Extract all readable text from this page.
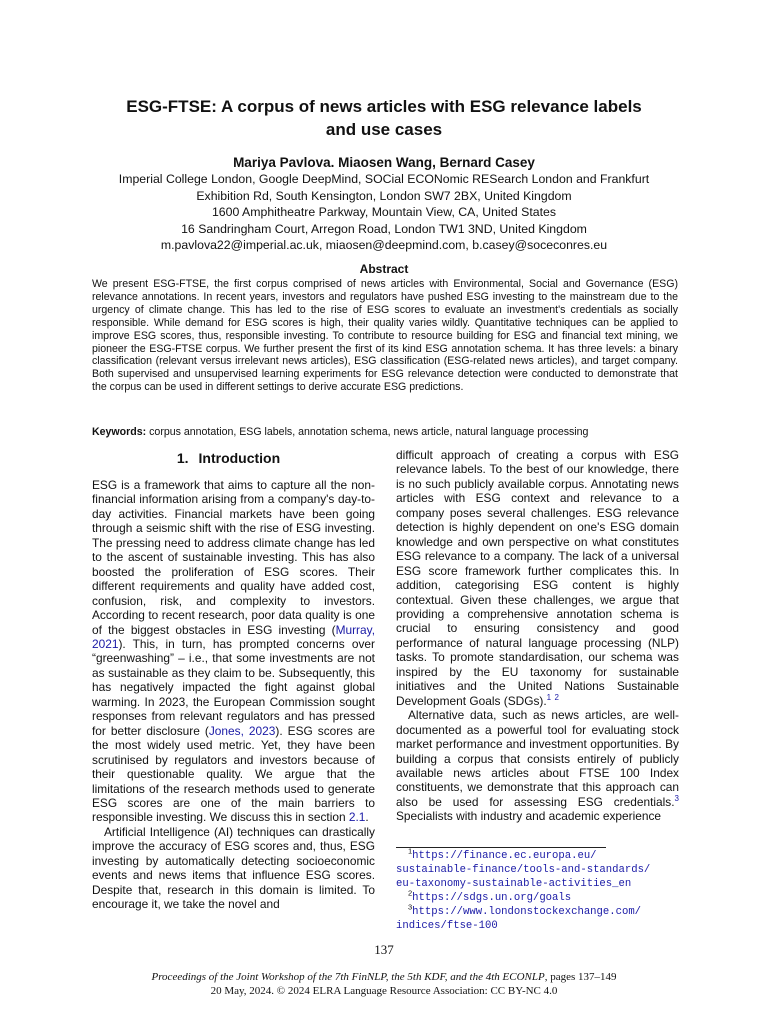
ESG-FTSE: A corpus of news articles with ESG relevance labels
and use cases
Mariya Pavlova. Miaosen Wang, Bernard Casey
Imperial College London, Google DeepMind, SOCial ECONomic RESearch London and Frankfurt
Exhibition Rd, South Kensington, London SW7 2BX, United Kingdom
1600 Amphitheatre Parkway, Mountain View, CA, United States
16 Sandringham Court, Arregon Road, London TW1 3ND, United Kingdom
m.pavlova22@imperial.ac.uk, miaosen@deepmind.com, b.casey@soceconres.eu
Abstract
We present ESG-FTSE, the first corpus comprised of news articles with Environmental, Social and Governance (ESG) relevance annotations. In recent years, investors and regulators have pushed ESG investing to the mainstream due to the urgency of climate change. This has led to the rise of ESG scores to evaluate an investment's credentials as socially responsible. While demand for ESG scores is high, their quality varies wildly. Quantitative techniques can be applied to improve ESG scores, thus, responsible investing. To contribute to resource building for ESG and financial text mining, we pioneer the ESG-FTSE corpus. We further present the first of its kind ESG annotation schema. It has three levels: a binary classification (relevant versus irrelevant news articles), ESG classification (ESG-related news articles), and target company. Both supervised and unsupervised learning experiments for ESG relevance detection were conducted to demonstrate that the corpus can be used in different settings to derive accurate ESG predictions.
Keywords: corpus annotation, ESG labels, annotation schema, news article, natural language processing
1. Introduction

ESG is a framework that aims to capture all the non-financial information arising from a company's day-to-day activities. Financial markets have been going through a seismic shift with the rise of ESG investing. The pressing need to address climate change has led to the ascent of sustainable investing. This has also boosted the proliferation of ESG scores. Their different requirements and quality have added cost, confusion, risk, and complexity to investors. According to recent research, poor data quality is one of the biggest obstacles in ESG investing (Murray, 2021). This, in turn, has prompted concerns over “greenwashing” – i.e., that some investments are not as sustainable as they claim to be. Subsequently, this has negatively impacted the fight against global warming. In 2023, the European Commission sought responses from relevant regulators and has pressed for better disclosure (Jones, 2023). ESG scores are the most widely used metric. Yet, they have been scrutinised by regulators and investors because of their questionable quality. We argue that the limitations of the research methods used to generate ESG scores are one of the main barriers to responsible investing. We discuss this in section 2.1.

Artificial Intelligence (AI) techniques can drastically improve the accuracy of ESG scores and, thus, ESG investing by automatically detecting socioeconomic events and news items that influence ESG scores. Despite that, research in this domain is limited. To encourage it, we take the novel and

difficult approach of creating a corpus with ESG relevance labels. To the best of our knowledge, there is no such publicly available corpus. Annotating news articles with ESG context and relevance to a company poses several challenges. ESG relevance detection is highly dependent on one's ESG domain knowledge and own perspective on what constitutes ESG relevance to a company. The lack of a universal ESG score framework further complicates this. In addition, categorising ESG content is highly contextual. Given these challenges, we argue that providing a comprehensive annotation schema is crucial to ensuring consistency and good performance of natural language processing (NLP) tasks. To promote standardisation, our schema was inspired by the EU taxonomy for sustainable initiatives and the United Nations Sustainable Development Goals (SDGs).$^1$ $^2$

Alternative data, such as news articles, are well-documented as a powerful tool for evaluating stock market performance and investment opportunities. By building a corpus that consists entirely of publicly available news articles about FTSE 100 Index constituents, we demonstrate that this approach can also be used for assessing ESG credentials.$^3$ Specialists with industry and academic experience

$^1$https://finance.ec.europa.eu/
sustainable-finance/tools-and-standards/
eu-taxonomy-sustainable-activities_en
$^2$https://sdgs.un.org/goals
$^3$https://www.londonstockexchange.com/
indices/ftse-100
137
Proceedings of the Joint Workshop of the 7th FinNLP, the 5th KDF, and the 4th ECONLP, pages 137–149
20 May, 2024. © 2024 ELRA Language Resource Association: CC BY-NC 4.0
